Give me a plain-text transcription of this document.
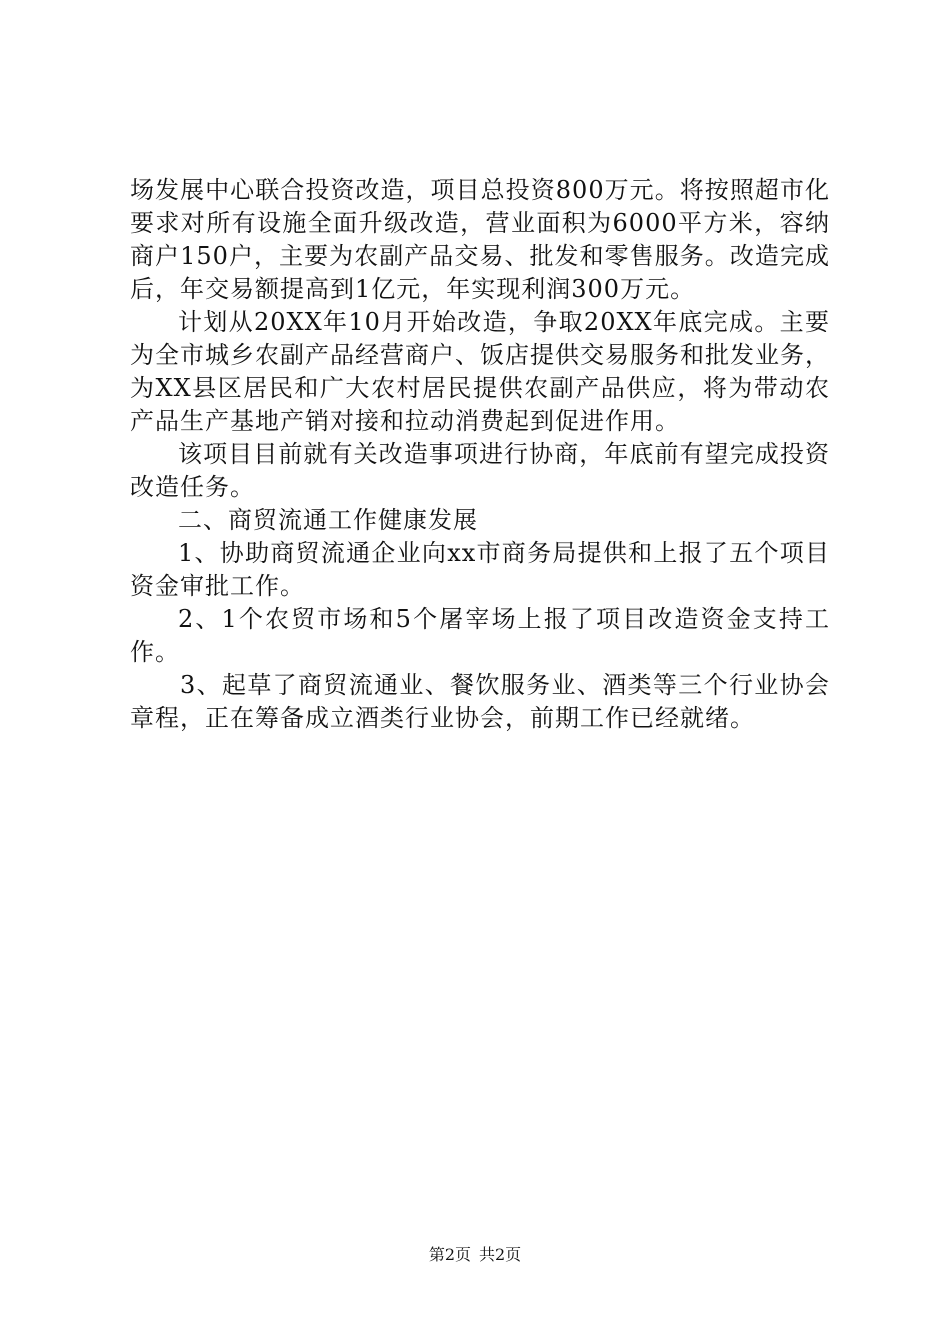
场发展中心联合投资改造，项目总投资800万元。将按照超市化要求对所有设施全面升级改造，营业面积为6000平方米，容纳商户150户，主要为农副产品交易、批发和零售服务。改造完成后，年交易额提高到1亿元，年实现利润300万元。

计划从20XX年10月开始改造，争取20XX年底完成。主要为全市城乡农副产品经营商户、饭店提供交易服务和批发业务，为XX县区居民和广大农村居民提供农副产品供应，将为带动农产品生产基地产销对接和拉动消费起到促进作用。

该项目目前就有关改造事项进行协商，年底前有望完成投资改造任务。

二、商贸流通工作健康发展

1、协助商贸流通企业向xx市商务局提供和上报了五个项目资金审批工作。

2、1个农贸市场和5个屠宰场上报了项目改造资金支持工作。

3、起草了商贸流通业、餐饮服务业、酒类等三个行业协会章程，正在筹备成立酒类行业协会，前期工作已经就绪。

第2页 共2页
